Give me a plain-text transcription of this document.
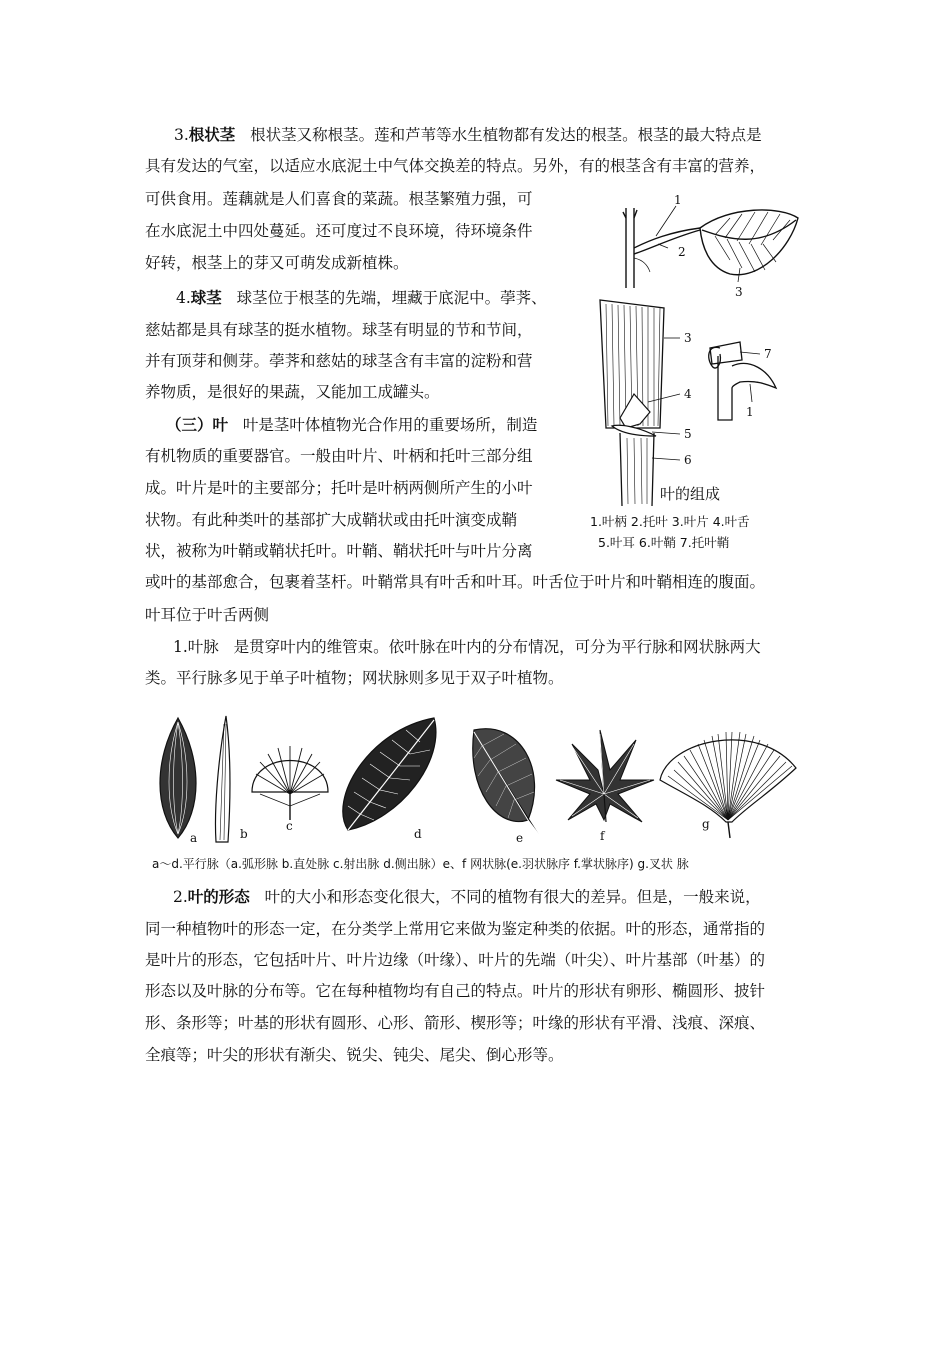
3.根状茎 根状茎又称根茎。莲和芦苇等水生植物都有发达的根茎。根茎的最大特点是

具有发达的气室，以适应水底泥土中气体交换差的特点。另外，有的根茎含有丰富的营养，

可供食用。莲藕就是人们喜食的菜蔬。根茎繁殖力强，可

在水底泥土中四处蔓延。还可度过不良环境，待环境条件

好转，根茎上的芽又可萌发成新植株。

4.球茎 球茎位于根茎的先端，埋藏于底泥中。荸荠、

慈姑都是具有球茎的挺水植物。球茎有明显的节和节间，

并有顶芽和侧芽。荸荠和慈姑的球茎含有丰富的淀粉和营

养物质，是很好的果蔬，又能加工成罐头。

（三）叶 叶是茎叶体植物光合作用的重要场所，制造

有机物质的重要器官。一般由叶片、叶柄和托叶三部分组

成。叶片是叶的主要部分；托叶是叶柄两侧所产生的小叶

状物。有此种类叶的基部扩大成鞘状或由托叶演变成鞘

状，被称为叶鞘或鞘状托叶。叶鞘、鞘状托叶与叶片分离

或叶的基部愈合，包裹着茎杆。叶鞘常具有叶舌和叶耳。叶舌位于叶片和叶鞘相连的腹面。

叶耳位于叶舌两侧

1.叶脉 是贯穿叶内的维管束。依叶脉在叶内的分布情况，可分为平行脉和网状脉两大

类。平行脉多见于单子叶植物；网状脉则多见于双子叶植物。

1
2
3
3
4
5
6
7
1
叶的组成
1.叶柄 2.托叶 3.叶片 4.叶舌
5.叶耳 6.叶鞘 7.托叶鞘
a	b
c
d	e	f
g
a～d.平行脉（a.弧形脉 b.直处脉 c.射出脉 d.侧出脉）e、f 网状脉(e.羽状脉序 f.掌状脉序) g.叉状 脉

2.叶的形态 叶的大小和形态变化很大，不同的植物有很大的差异。但是，一般来说，

同一种植物叶的形态一定，在分类学上常用它来做为鉴定种类的依据。叶的形态，通常指的

是叶片的形态，它包括叶片、叶片边缘（叶缘）、叶片的先端（叶尖）、叶片基部（叶基）的

形态以及叶脉的分布等。它在每种植物均有自己的特点。叶片的形状有卵形、椭圆形、披针

形、条形等；叶基的形状有圆形、心形、箭形、楔形等；叶缘的形状有平滑、浅痕、深痕、

全痕等；叶尖的形状有渐尖、锐尖、钝尖、尾尖、倒心形等。
